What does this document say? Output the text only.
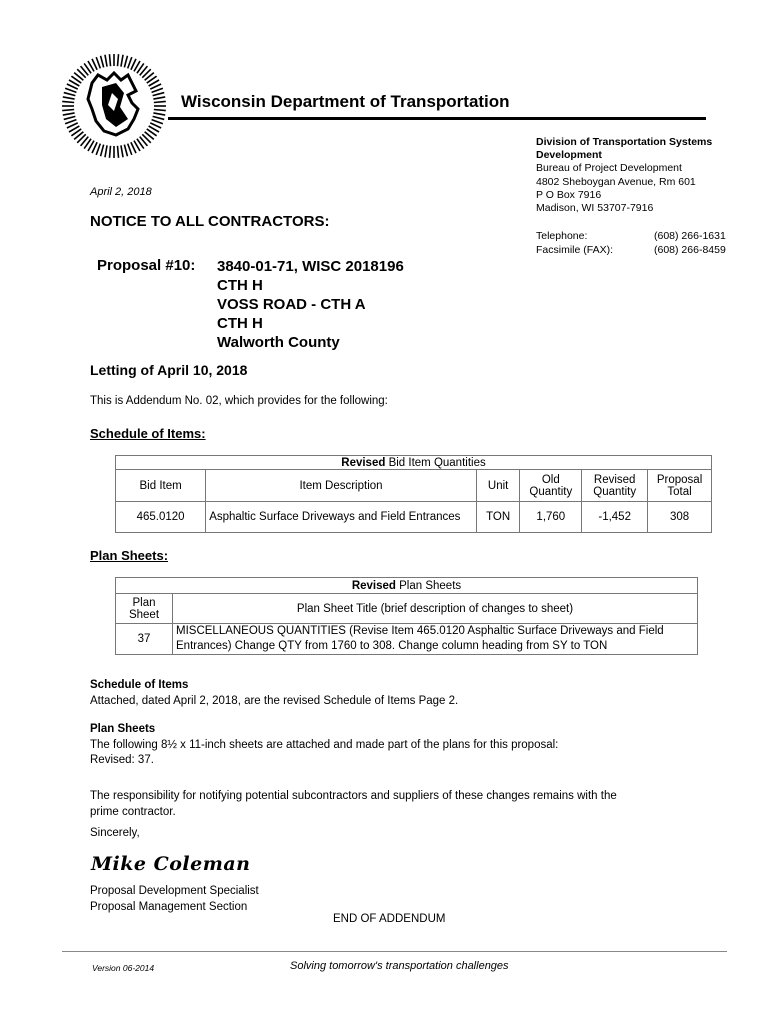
Wisconsin Department of Transportation
Division of Transportation Systems
Development
Bureau of Project Development
4802 Sheboygan Avenue, Rm 601
P O Box 7916
Madison, WI 53707-7916
April 2, 2018
NOTICE TO ALL CONTRACTORS:
Telephone:	(608) 266-1631
Facsimile (FAX):	(608) 266-8459
Proposal #10: 3840-01-71, WISC 2018196
CTH H
VOSS ROAD - CTH A
CTH H
Walworth County
Letting of April 10, 2018
This is Addendum No. 02, which provides for the following:
Schedule of Items:
Revised Bid Item Quantities					
Bid Item	Item Description	Unit	Old Quantity	Revised Quantity	Proposal Total
465.0120	Asphaltic Surface Driveways and Field Entrances	TON	1,760	-1,452	308
Plan Sheets:
Revised Plan Sheets	
Plan Sheet	Plan Sheet Title (brief description of changes to sheet)
37	MISCELLANEOUS QUANTITIES (Revise Item 465.0120 Asphaltic Surface Driveways and Field Entrances) Change QTY from 1760 to 308. Change column heading from SY to TON
Schedule of Items
Attached, dated April 2, 2018, are the revised Schedule of Items Page 2.
Plan Sheets
The following 8½ x 11-inch sheets are attached and made part of the plans for this proposal:
Revised: 37.
The responsibility for notifying potential subcontractors and suppliers of these changes remains with the
prime contractor.
Sincerely,
Mike Coleman
Proposal Development Specialist
Proposal Management Section
END OF ADDENDUM
Version 06-2014	Solving tomorrow's transportation challenges
